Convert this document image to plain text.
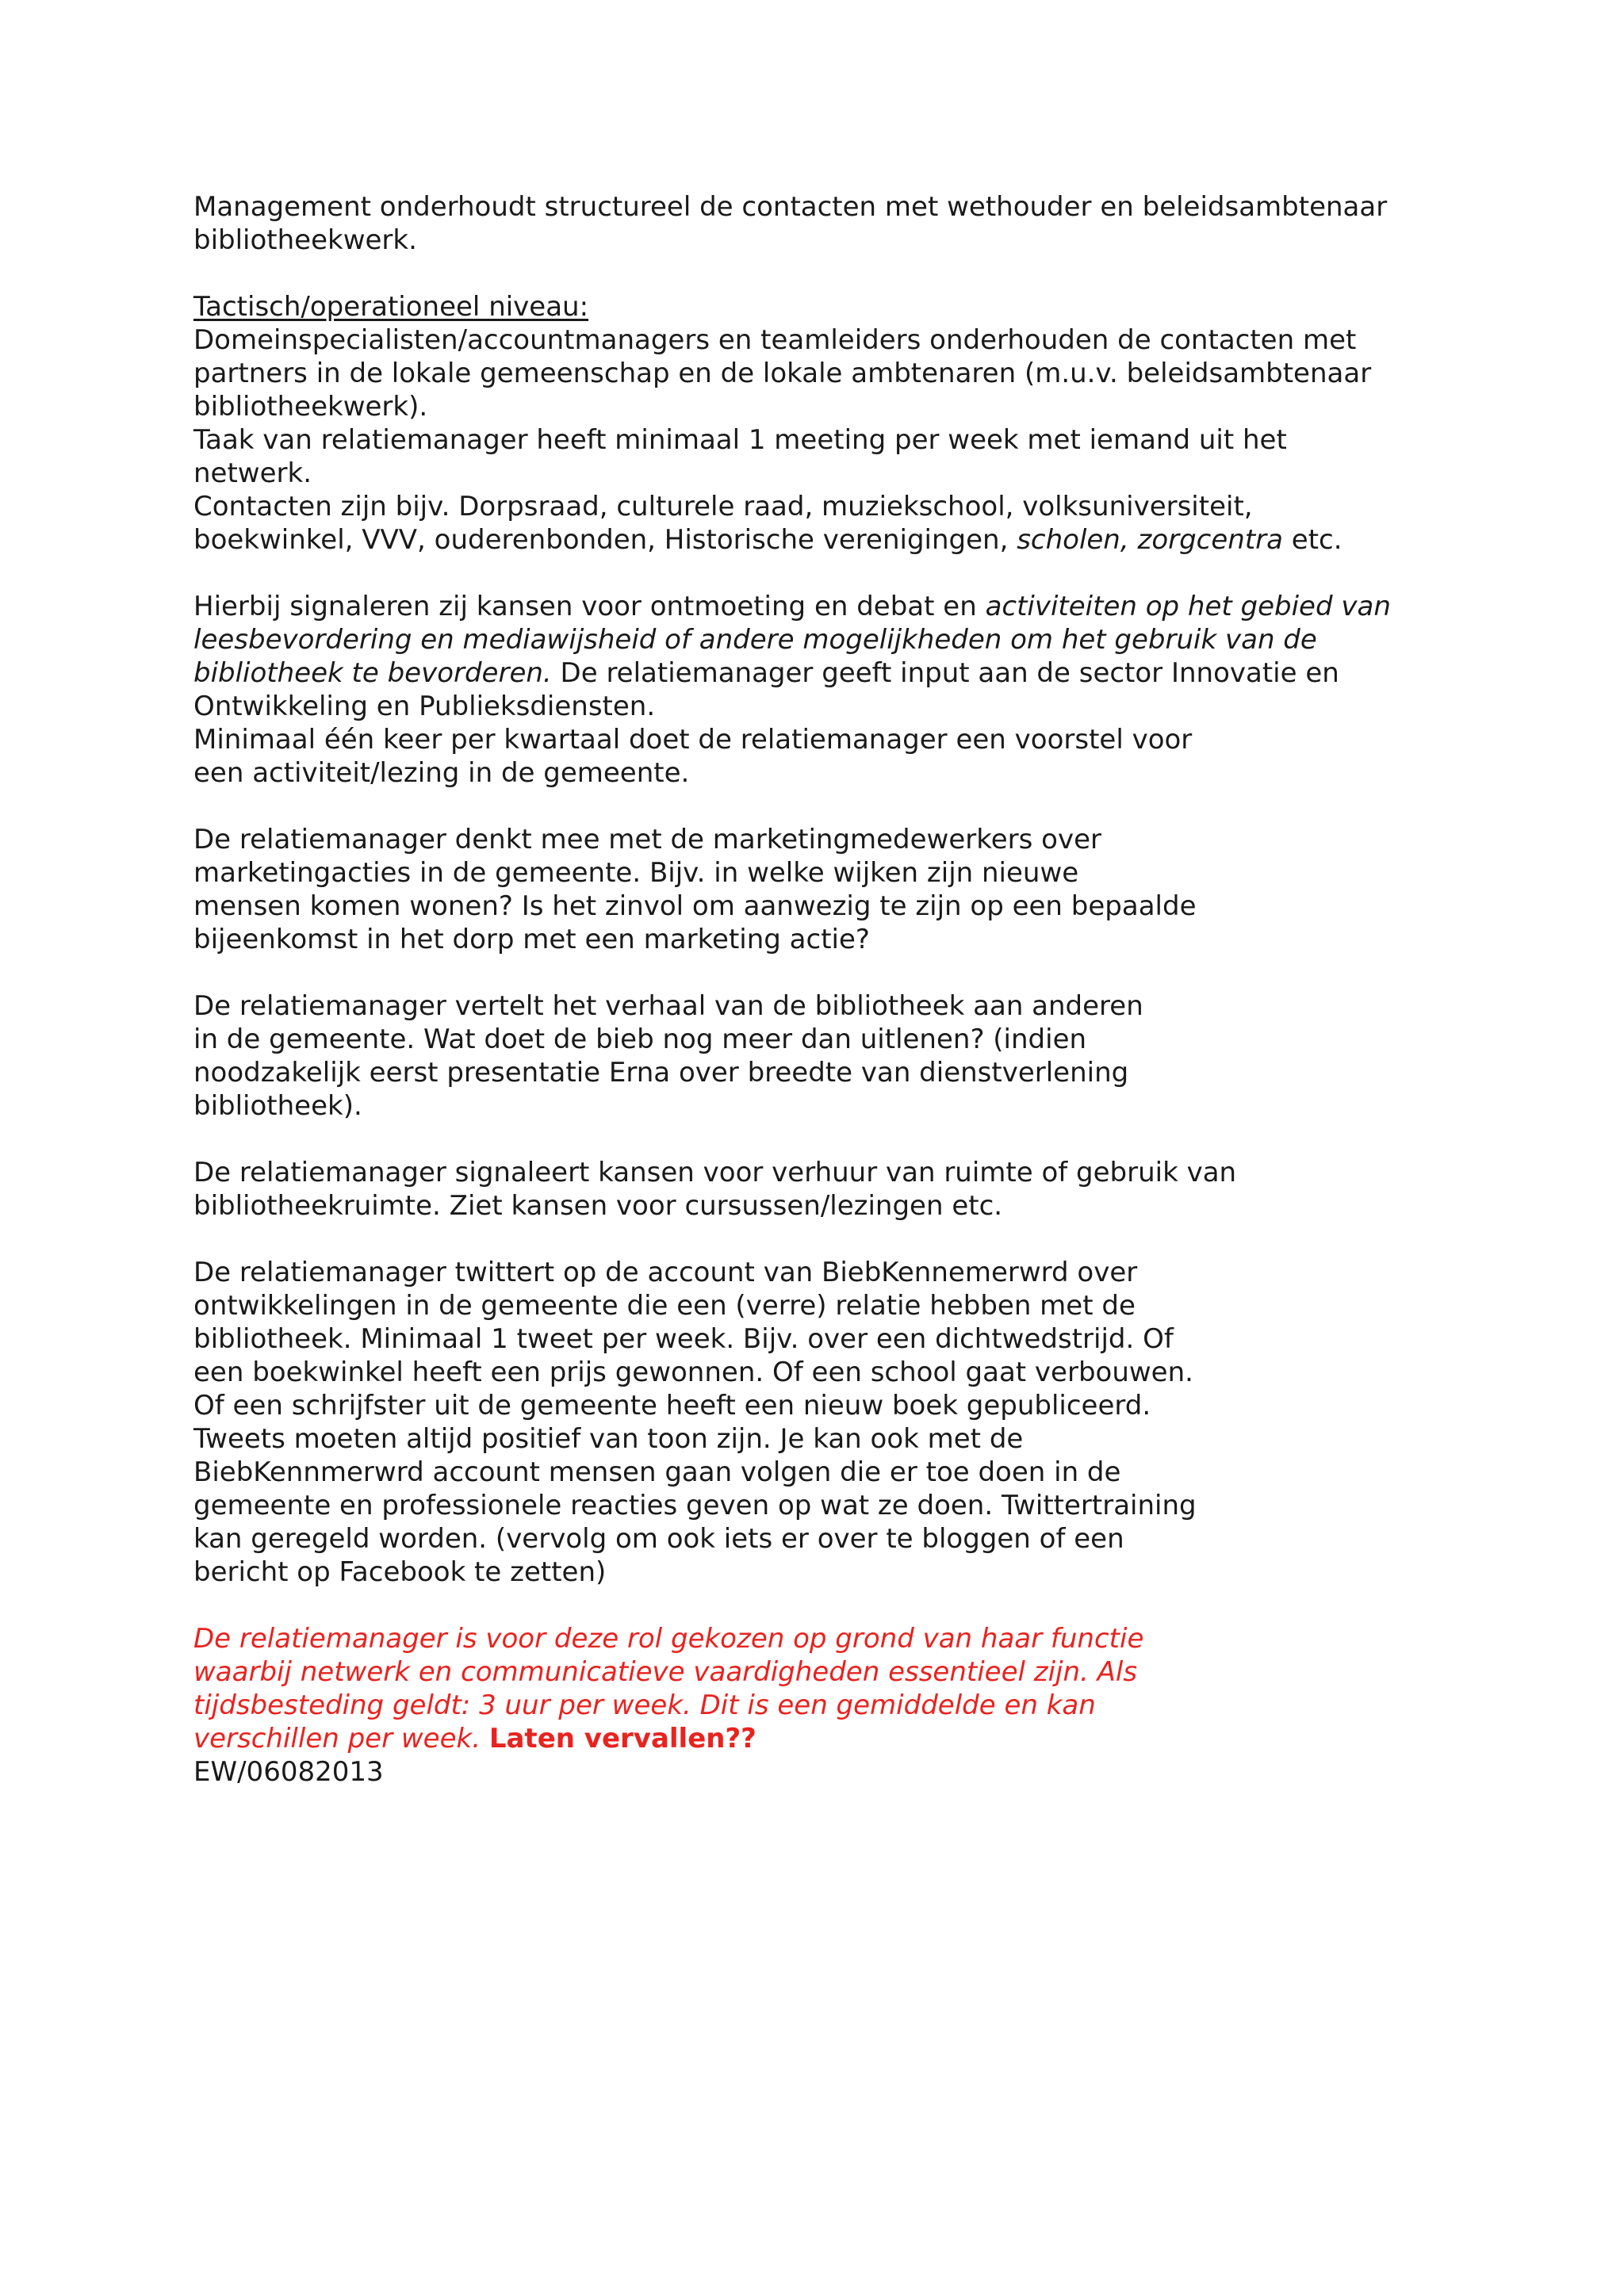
Management onderhoudt structureel de contacten met wethouder en beleidsambtenaar
bibliotheekwerk.
Tactisch/operationeel niveau:
Domeinspecialisten/accountmanagers en teamleiders onderhouden de contacten met
partners in de lokale gemeenschap en de lokale ambtenaren (m.u.v. beleidsambtenaar
bibliotheekwerk).
Taak van relatiemanager heeft minimaal 1 meeting per week met iemand uit het
netwerk.
Contacten zijn bijv. Dorpsraad, culturele raad, muziekschool, volksuniversiteit,
boekwinkel, VVV, ouderenbonden, Historische verenigingen, scholen, zorgcentra etc.
Hierbij signaleren zij kansen voor ontmoeting en debat en activiteiten op het gebied van
leesbevordering en mediawijsheid of andere mogelijkheden om het gebruik van de
bibliotheek te bevorderen. De relatiemanager geeft input aan de sector Innovatie en
Ontwikkeling en Publieksdiensten.
Minimaal één keer per kwartaal doet de relatiemanager een voorstel voor
een activiteit/lezing in de gemeente.
De relatiemanager denkt mee met de marketingmedewerkers over
marketingacties in de gemeente. Bijv. in welke wijken zijn nieuwe
mensen komen wonen? Is het zinvol om aanwezig te zijn op een bepaalde
bijeenkomst in het dorp met een marketing actie?
De relatiemanager vertelt het verhaal van de bibliotheek aan anderen
in de gemeente. Wat doet de bieb nog meer dan uitlenen? (indien
noodzakelijk eerst presentatie Erna over breedte van dienstverlening
bibliotheek).
De relatiemanager signaleert kansen voor verhuur van ruimte of gebruik van
bibliotheekruimte. Ziet kansen voor cursussen/lezingen etc.
De relatiemanager twittert op de account van BiebKennemerwrd over
ontwikkelingen in de gemeente die een (verre) relatie hebben met de
bibliotheek. Minimaal 1 tweet per week. Bijv. over een dichtwedstrijd. Of
een boekwinkel heeft een prijs gewonnen. Of een school gaat verbouwen.
Of een schrijfster uit de gemeente heeft een nieuw boek gepubliceerd.
Tweets moeten altijd positief van toon zijn. Je kan ook met de
BiebKennmerwrd account mensen gaan volgen die er toe doen in de
gemeente en professionele reacties geven op wat ze doen. Twittertraining
kan geregeld worden. (vervolg om ook iets er over te bloggen of een
bericht op Facebook te zetten)
De relatiemanager is voor deze rol gekozen op grond van haar functie
waarbij netwerk en communicatieve vaardigheden essentieel zijn. Als
tijdsbesteding geldt: 3 uur per week. Dit is een gemiddelde en kan
verschillen per week. Laten vervallen??
EW/06082013
